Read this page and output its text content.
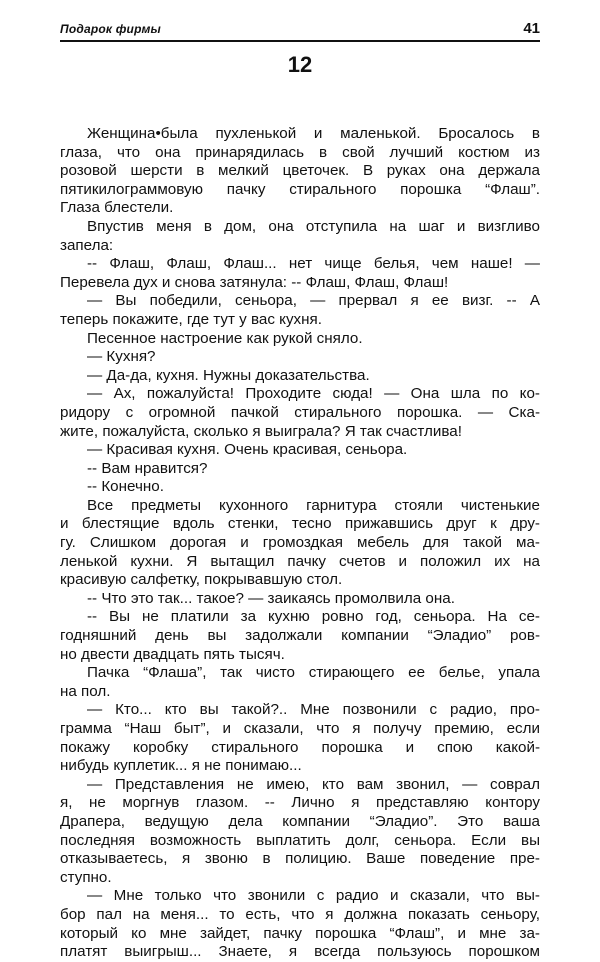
Подарок фирмы	41
12
Женщина•была пухленькой и маленькой. Бросалось в
глаза, что она принарядилась в свой лучший костюм из
розовой шерсти в мелкий цветочек. В руках она держала
пятикилограммовую пачку стирального порошка “Флаш”.
Глаза блестели.
Впустив меня в дом, она отступила на шаг и визгливо
запела:
-- Флаш, Флаш, Флаш... нет чище белья, чем наше! —
Перевела дух и снова затянула: -- Флаш, Флаш, Флаш!
— Вы победили, сеньора, — прервал я ее визг. -- А
теперь покажите, где тут у вас кухня.
Песенное настроение как рукой сняло.
— Кухня?
— Да-да, кухня. Нужны доказательства.
— Ах, пожалуйста! Проходите сюда! — Она шла по ко-
ридору с огромной пачкой стирального порошка. — Ска-
жите, пожалуйста, сколько я выиграла? Я так счастлива!
— Красивая кухня. Очень красивая, сеньора.
-- Вам нравится?
-- Конечно.
Все предметы кухонного гарнитура стояли чистенькие
и блестящие вдоль стенки, тесно прижавшись друг к дру-
гу. Слишком дорогая и громоздкая мебель для такой ма-
ленькой кухни. Я вытащил пачку счетов и положил их на
красивую салфетку, покрывавшую стол.
-- Что это так... такое? — заикаясь промолвила она.
-- Вы не платили за кухню ровно год, сеньора. На се-
годняшний день вы задолжали компании “Эладио” ров-
но двести двадцать пять тысяч.
Пачка “Флаша”, так чисто стирающего ее белье, упала
на пол.
— Кто... кто вы такой?.. Мне позвонили с радио, про-
грамма “Наш быт”, и сказали, что я получу премию, если
покажу коробку стирального порошка и спою какой-
нибудь куплетик... я не понимаю...
— Представления не имею, кто вам звонил, — соврал
я, не моргнув глазом. -- Лично я представляю контору
Драпера, ведущую дела компании “Эладио”. Это ваша
последняя возможность выплатить долг, сеньора. Если вы
отказываетесь, я звоню в полицию. Ваше поведение пре-
ступно.
— Мне только что звонили с радио и сказали, что вы-
бор пал на меня... то есть, что я должна показать сеньору,
который ко мне зайдет, пачку порошка “Флаш”, и мне за-
платят выигрыш... Знаете, я всегда пользуюсь порошком
